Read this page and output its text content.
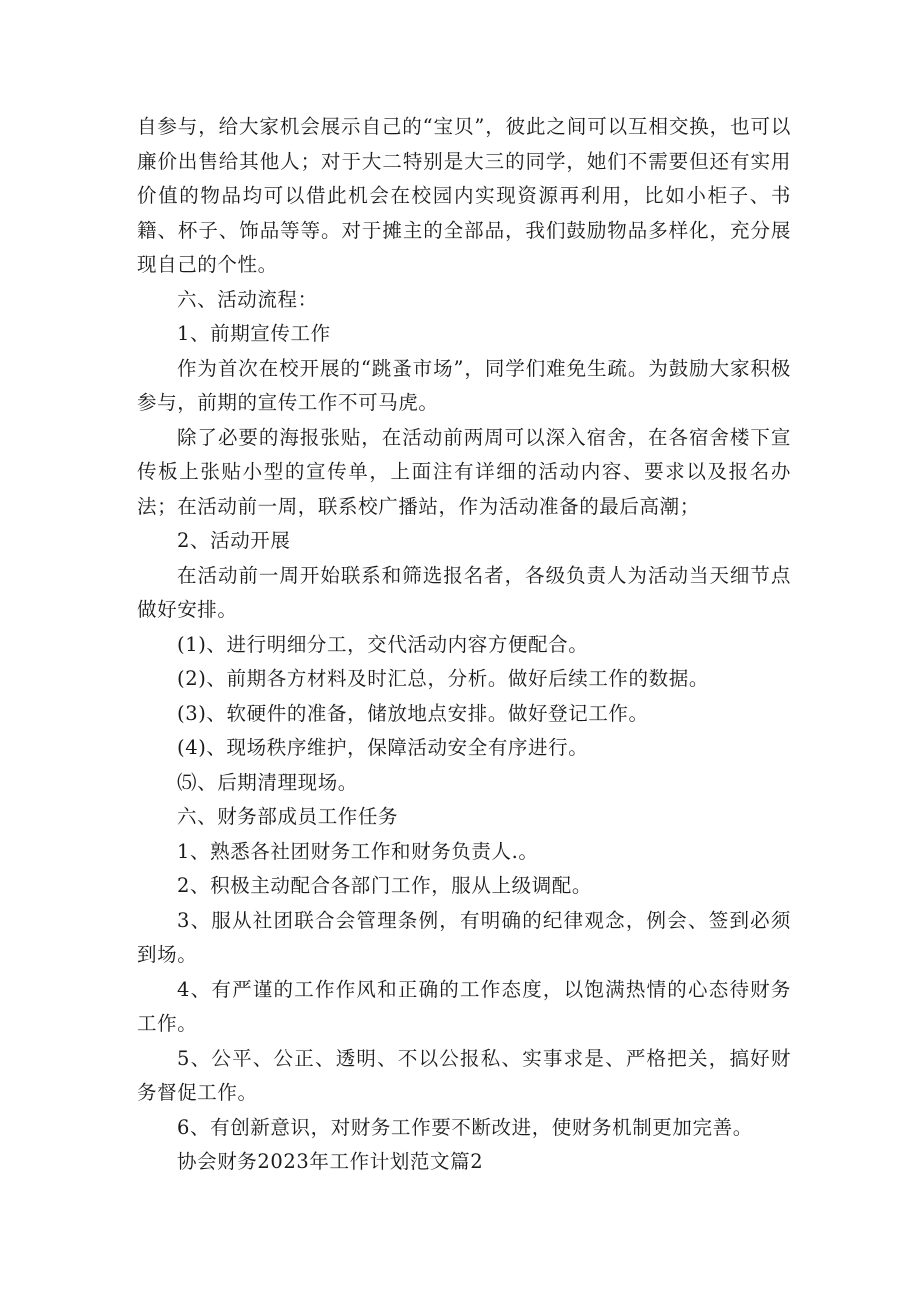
自参与，给大家机会展示自己的“宝贝”，彼此之间可以互相交换，也可以廉价出售给其他人；对于大二特别是大三的同学，她们不需要但还有实用价值的物品均可以借此机会在校园内实现资源再利用，比如小柜子、书籍、杯子、饰品等等。对于摊主的全部品，我们鼓励物品多样化，充分展现自己的个性。

六、活动流程：

1、前期宣传工作

作为首次在校开展的“跳蚤市场”，同学们难免生疏。为鼓励大家积极参与，前期的宣传工作不可马虎。

除了必要的海报张贴，在活动前两周可以深入宿舍，在各宿舍楼下宣传板上张贴小型的宣传单，上面注有详细的活动内容、要求以及报名办法；在活动前一周，联系校广播站，作为活动准备的最后高潮；

2、活动开展

在活动前一周开始联系和筛选报名者，各级负责人为活动当天细节点做好安排。

(1)、进行明细分工，交代活动内容方便配合。

(2)、前期各方材料及时汇总，分析。做好后续工作的数据。

(3)、软硬件的准备，储放地点安排。做好登记工作。

(4)、现场秩序维护，保障活动安全有序进行。

⑸、后期清理现场。

六、财务部成员工作任务

1、熟悉各社团财务工作和财务负责人.。

2、积极主动配合各部门工作，服从上级调配。

3、服从社团联合会管理条例，有明确的纪律观念，例会、签到必须到场。

4、有严谨的工作作风和正确的工作态度，以饱满热情的心态待财务工作。

5、公平、公正、透明、不以公报私、实事求是、严格把关，搞好财务督促工作。

6、有创新意识，对财务工作要不断改进，使财务机制更加完善。

协会财务2023年工作计划范文篇2
